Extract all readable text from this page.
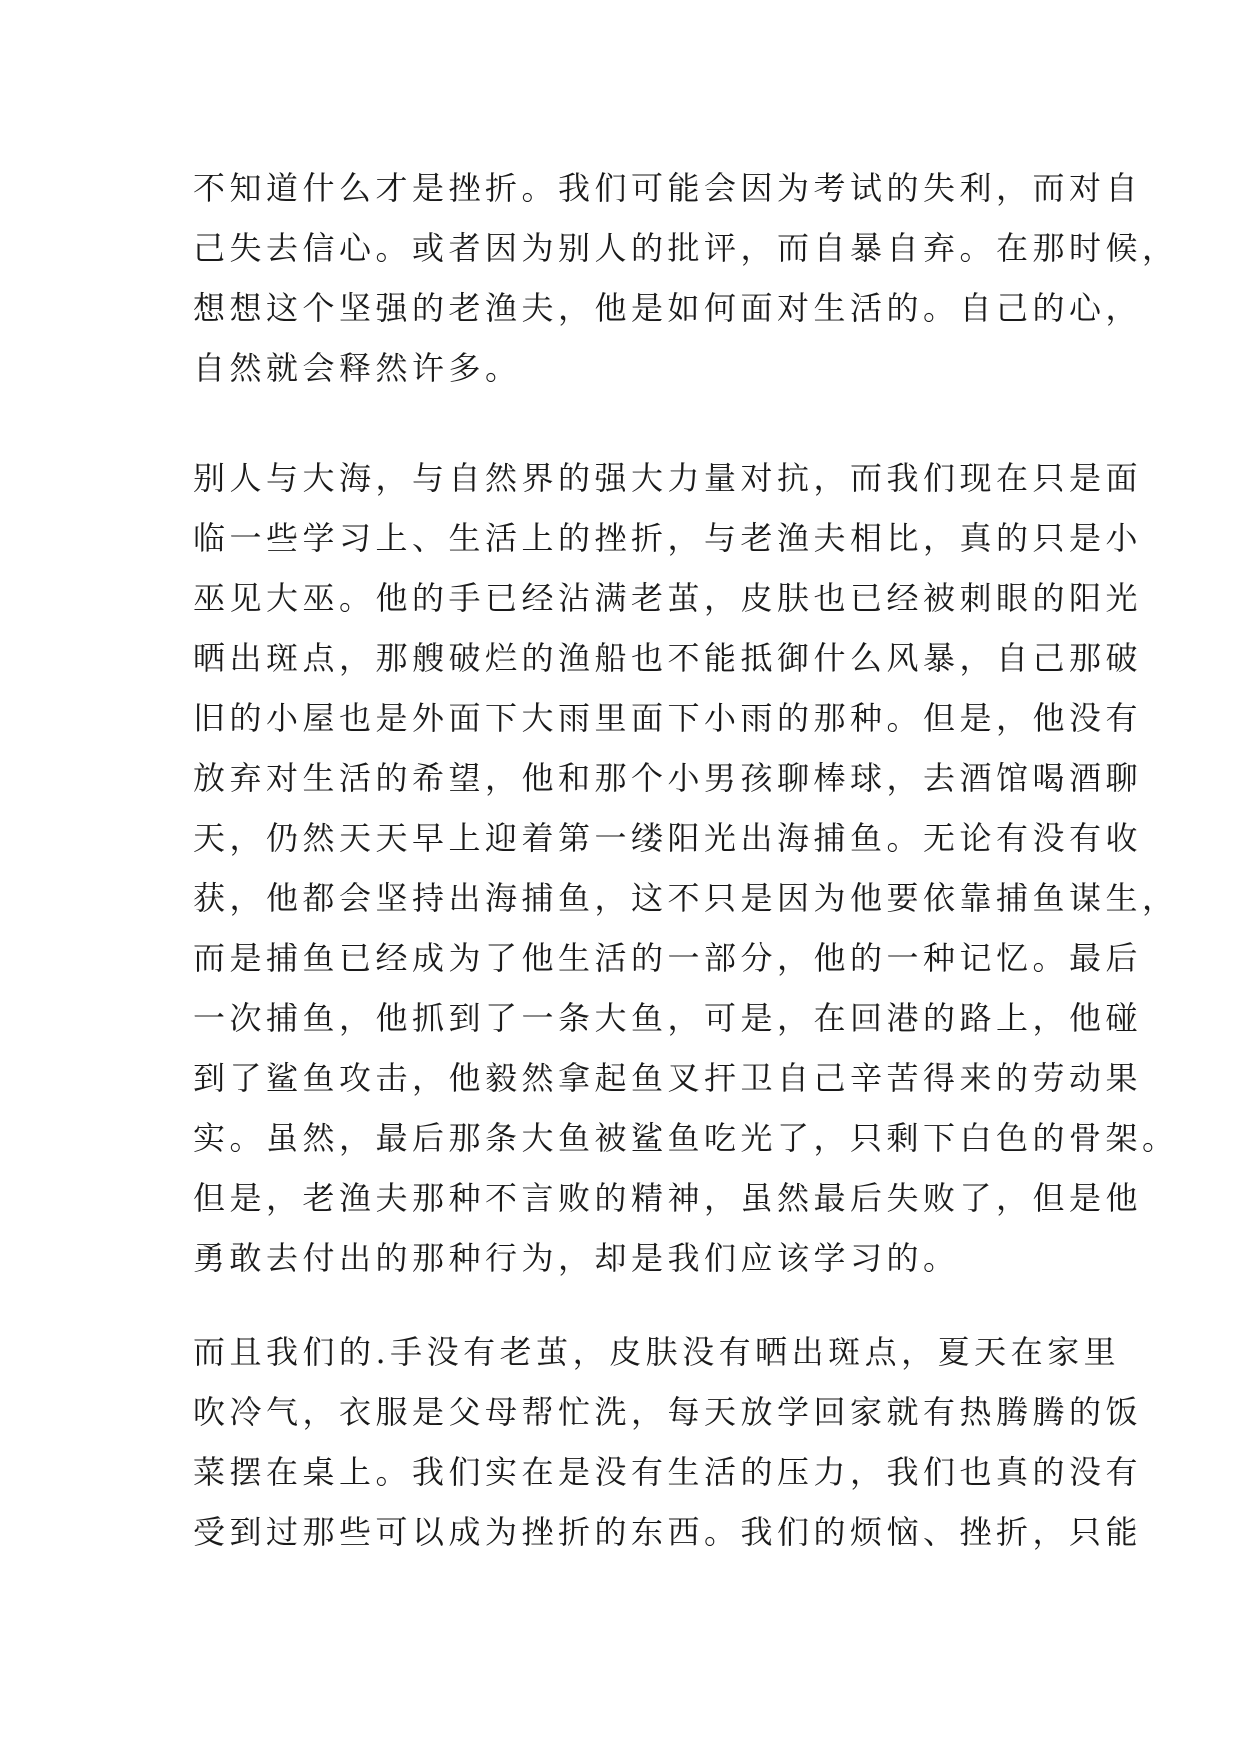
不知道什么才是挫折。我们可能会因为考试的失利，而对自
己失去信心。或者因为别人的批评，而自暴自弃。在那时候，
想想这个坚强的老渔夫，他是如何面对生活的。自己的心，
自然就会释然许多。
别人与大海，与自然界的强大力量对抗，而我们现在只是面
临一些学习上、生活上的挫折，与老渔夫相比，真的只是小
巫见大巫。他的手已经沾满老茧，皮肤也已经被刺眼的阳光
晒出斑点，那艘破烂的渔船也不能抵御什么风暴，自己那破
旧的小屋也是外面下大雨里面下小雨的那种。但是，他没有
放弃对生活的希望，他和那个小男孩聊棒球，去酒馆喝酒聊
天，仍然天天早上迎着第一缕阳光出海捕鱼。无论有没有收
获，他都会坚持出海捕鱼，这不只是因为他要依靠捕鱼谋生，
而是捕鱼已经成为了他生活的一部分，他的一种记忆。最后
一次捕鱼，他抓到了一条大鱼，可是，在回港的路上，他碰
到了鲨鱼攻击，他毅然拿起鱼叉扞卫自己辛苦得来的劳动果
实。虽然，最后那条大鱼被鲨鱼吃光了，只剩下白色的骨架。
但是，老渔夫那种不言败的精神，虽然最后失败了，但是他
勇敢去付出的那种行为，却是我们应该学习的。
而且我们的.手没有老茧，皮肤没有晒出斑点，夏天在家里
吹冷气，衣服是父母帮忙洗，每天放学回家就有热腾腾的饭
菜摆在桌上。我们实在是没有生活的压力，我们也真的没有
受到过那些可以成为挫折的东西。我们的烦恼、挫折，只能
